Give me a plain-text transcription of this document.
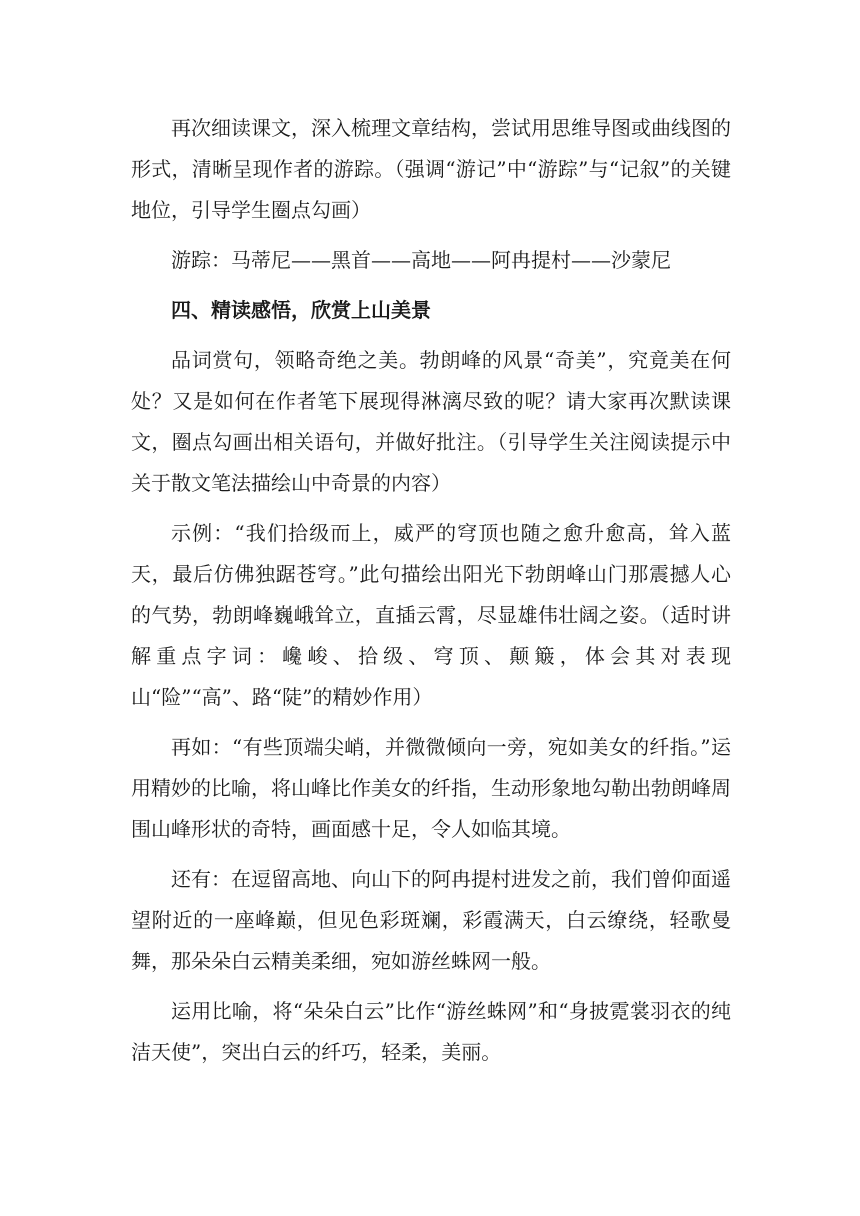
再次细读课文，深入梳理文章结构，尝试用思维导图或曲线图的形式，清晰呈现作者的游踪。（强调“游记”中“游踪”与“记叙”的关键地位，引导学生圈点勾画）

游踪：马蒂尼——黑首——高地——阿冉提村——沙蒙尼

四、精读感悟，欣赏上山美景

品词赏句，领略奇绝之美。勃朗峰的风景“奇美”，究竟美在何处？又是如何在作者笔下展现得淋漓尽致的呢？请大家再次默读课文，圈点勾画出相关语句，并做好批注。（引导学生关注阅读提示中关于散文笔法描绘山中奇景的内容）

示例：“我们拾级而上，威严的穹顶也随之愈升愈高，耸入蓝天，最后仿佛独踞苍穹。”此句描绘出阳光下勃朗峰山门那震撼人心的气势，勃朗峰巍峨耸立，直插云霄，尽显雄伟壮阔之姿。（适时讲解重点字词：巉峻、拾级、穹顶、颠簸，体会其对表现山“险”“高”、路“陡”的精妙作用）

再如：“有些顶端尖峭，并微微倾向一旁，宛如美女的纤指。”运用精妙的比喻，将山峰比作美女的纤指，生动形象地勾勒出勃朗峰周围山峰形状的奇特，画面感十足，令人如临其境。

还有：在逗留高地、向山下的阿冉提村进发之前，我们曾仰面遥望附近的一座峰巅，但见色彩斑斓，彩霞满天，白云缭绕，轻歌曼舞，那朵朵白云精美柔细，宛如游丝蛛网一般。

运用比喻，将“朵朵白云”比作“游丝蛛网”和“身披霓裳羽衣的纯洁天使”，突出白云的纤巧，轻柔，美丽。
